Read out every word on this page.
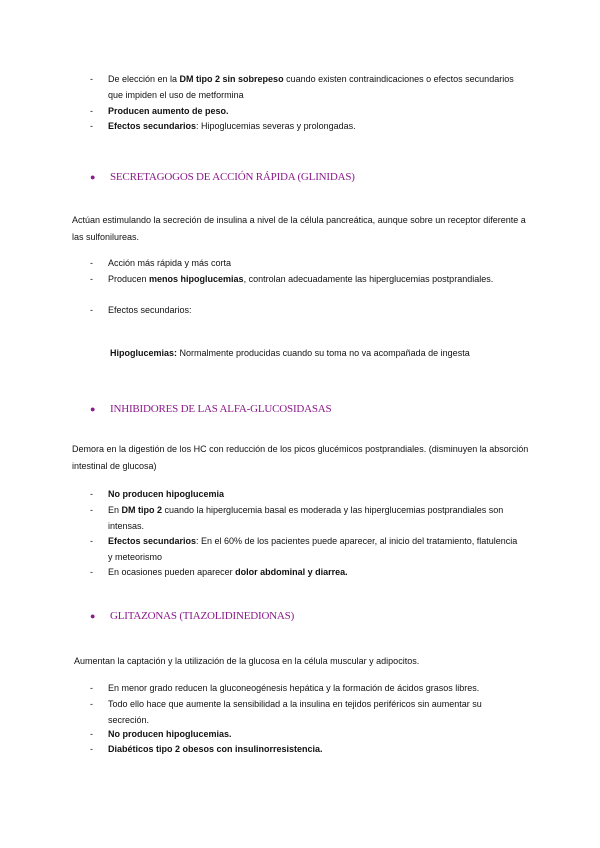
- De elección en la DM tipo 2 sin sobrepeso cuando existen contraindicaciones o efectos secundarios que impiden el uso de metformina
- Producen aumento de peso.
- Efectos secundarios: Hipoglucemias severas y prolongadas.
● SECRETAGOGOS DE ACCIÓN RÁPIDA (GLINIDAS)
Actúan estimulando la secreción de insulina a nivel de la célula pancreática, aunque sobre un receptor diferente a las sulfonilureas.
- Acción más rápida y más corta
- Producen menos hipoglucemias, controlan adecuadamente las hiperglucemias postprandiales.
- Efectos secundarios:
Hipoglucemias: Normalmente producidas cuando su toma no va acompañada de ingesta
● INHIBIDORES DE LAS ALFA-GLUCOSIDASAS
Demora en la digestión de los HC con reducción de los picos glucémicos postprandiales. (disminuyen la absorción intestinal de glucosa)
- No producen hipoglucemia
- En DM tipo 2 cuando la hiperglucemia basal es moderada y las hiperglucemias postprandiales son intensas.
- Efectos secundarios: En el 60% de los pacientes puede aparecer, al inicio del tratamiento, flatulencia y meteorismo
- En ocasiones pueden aparecer dolor abdominal y diarrea.
● GLITAZONAS (TIAZOLIDINEDIONAS)
Aumentan la captación y la utilización de la glucosa en la célula muscular y adipocitos.
- En menor grado reducen la gluconeogénesis hepática y la formación de ácidos grasos libres.
- Todo ello hace que aumente la sensibilidad a la insulina en tejidos periféricos sin aumentar su secreción.
- No producen hipoglucemias.
- Diabéticos tipo 2 obesos con insulinorresistencia.
